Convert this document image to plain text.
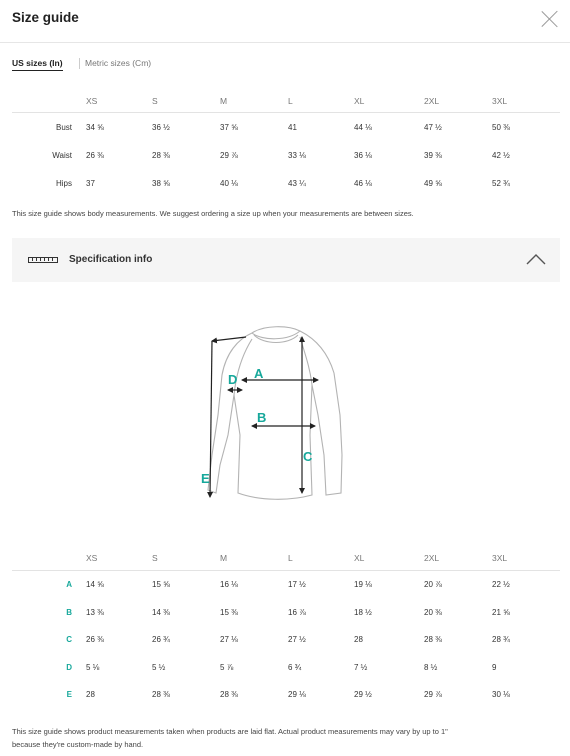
Size guide
US sizes (In)	Metric sizes (Cm)
	XS	S	M	L	XL	2XL	3XL
Bust	34 ⅝	36 ½	37 ⅝	41	44 ⅛	47 ½	50 ⅜
Waist	26 ⅜	28 ⅜	29 ⅞	33 ⅛	36 ⅛	39 ⅜	42 ½
Hips	37	38 ⅝	40 ⅛	43 ¼	46 ⅛	49 ⅝	52 ¾
This size guide shows body measurements. We suggest ordering a size up when your measurements are between sizes.
Specification info
A
B
C
D
E
	XS	S	M	L	XL	2XL	3XL
A	14 ⅝	15 ⅝	16 ⅛	17 ½	19 ⅛	20 ⅞	22 ½
B	13 ⅜	14 ⅜	15 ⅜	16 ⅞	18 ½	20 ⅜	21 ⅝
C	26 ⅜	26 ¾	27 ⅛	27 ½	28	28 ⅜	28 ¾
D	5 ⅛	5 ½	5 ⅞	6 ¾	7 ½	8 ½	9
E	28	28 ⅜	28 ⅜	29 ⅛	29 ½	29 ⅞	30 ⅛
This size guide shows product measurements taken when products are laid flat. Actual product measurements may vary by up to 1"
because they're custom-made by hand.
